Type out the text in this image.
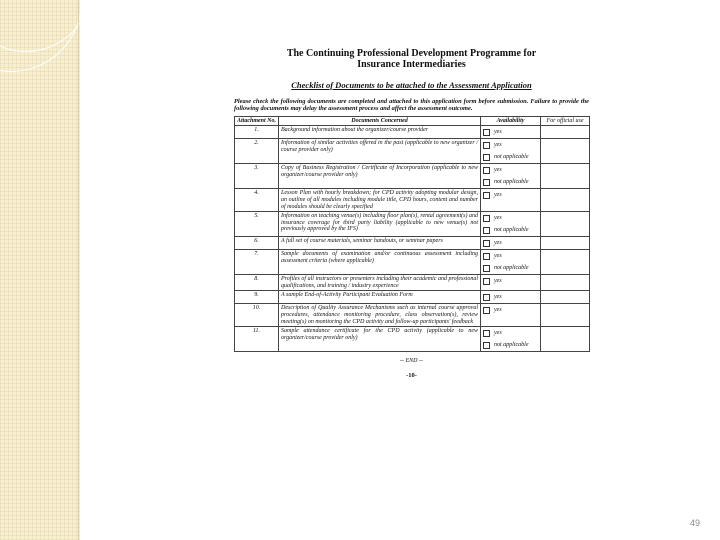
The Continuing Professional Development Programme for
Insurance Intermediaries
Checklist of Documents to be attached to the Assessment Application
Please check the following documents are completed and attached to this application form before submission. Failure to provide the following documents may delay the assessment process and affect the assessment outcome.
Attachment No.	Documents Concerned	Availability	For official use
1.	Background information about the organizer/course provider	yes	

2.	Information of similar activities offered in the past (applicable to new organizer / course provider only)	yes
not applicable	

3.	Copy of Business Registration / Certificate of Incorporation (applicable to new organizer/course provider only)	yes
not applicable	

4.	Lesson Plan with hourly breakdown; for CPD activity adopting modular design, an outline of all modules including module title, CPD hours, content and number of modules should be clearly specified	yes	

5.	Information on teaching venue(s) including floor plan(s), rental agreement(s) and insurance coverage for third party liability (applicable to new venue(s) not previously approved by the IFS)	yes
not applicable	

6.	A full set of course materials, seminar handouts, or seminar papers	yes	

7.	Sample documents of examination and/or continuous assessment including assessment criteria (where applicable)	yes
not applicable	

8.	Profiles of all instructors or presenters including their academic and professional qualifications, and training / industry experience	yes	

9.	A sample End-of-Activity Participant Evaluation Form	yes	

10.	Description of Quality Assurance Mechanisms such as internal course approval procedures, attendance monitoring procedure, class observation(s), review meeting(s) on monitoring the CPD activity and follow-up participants' feedback	yes	

11.	Sample attendance certificate for the CPD activity (applicable to new organizer/course provider only)	yes
not applicable	

-- END --
-10-
49
